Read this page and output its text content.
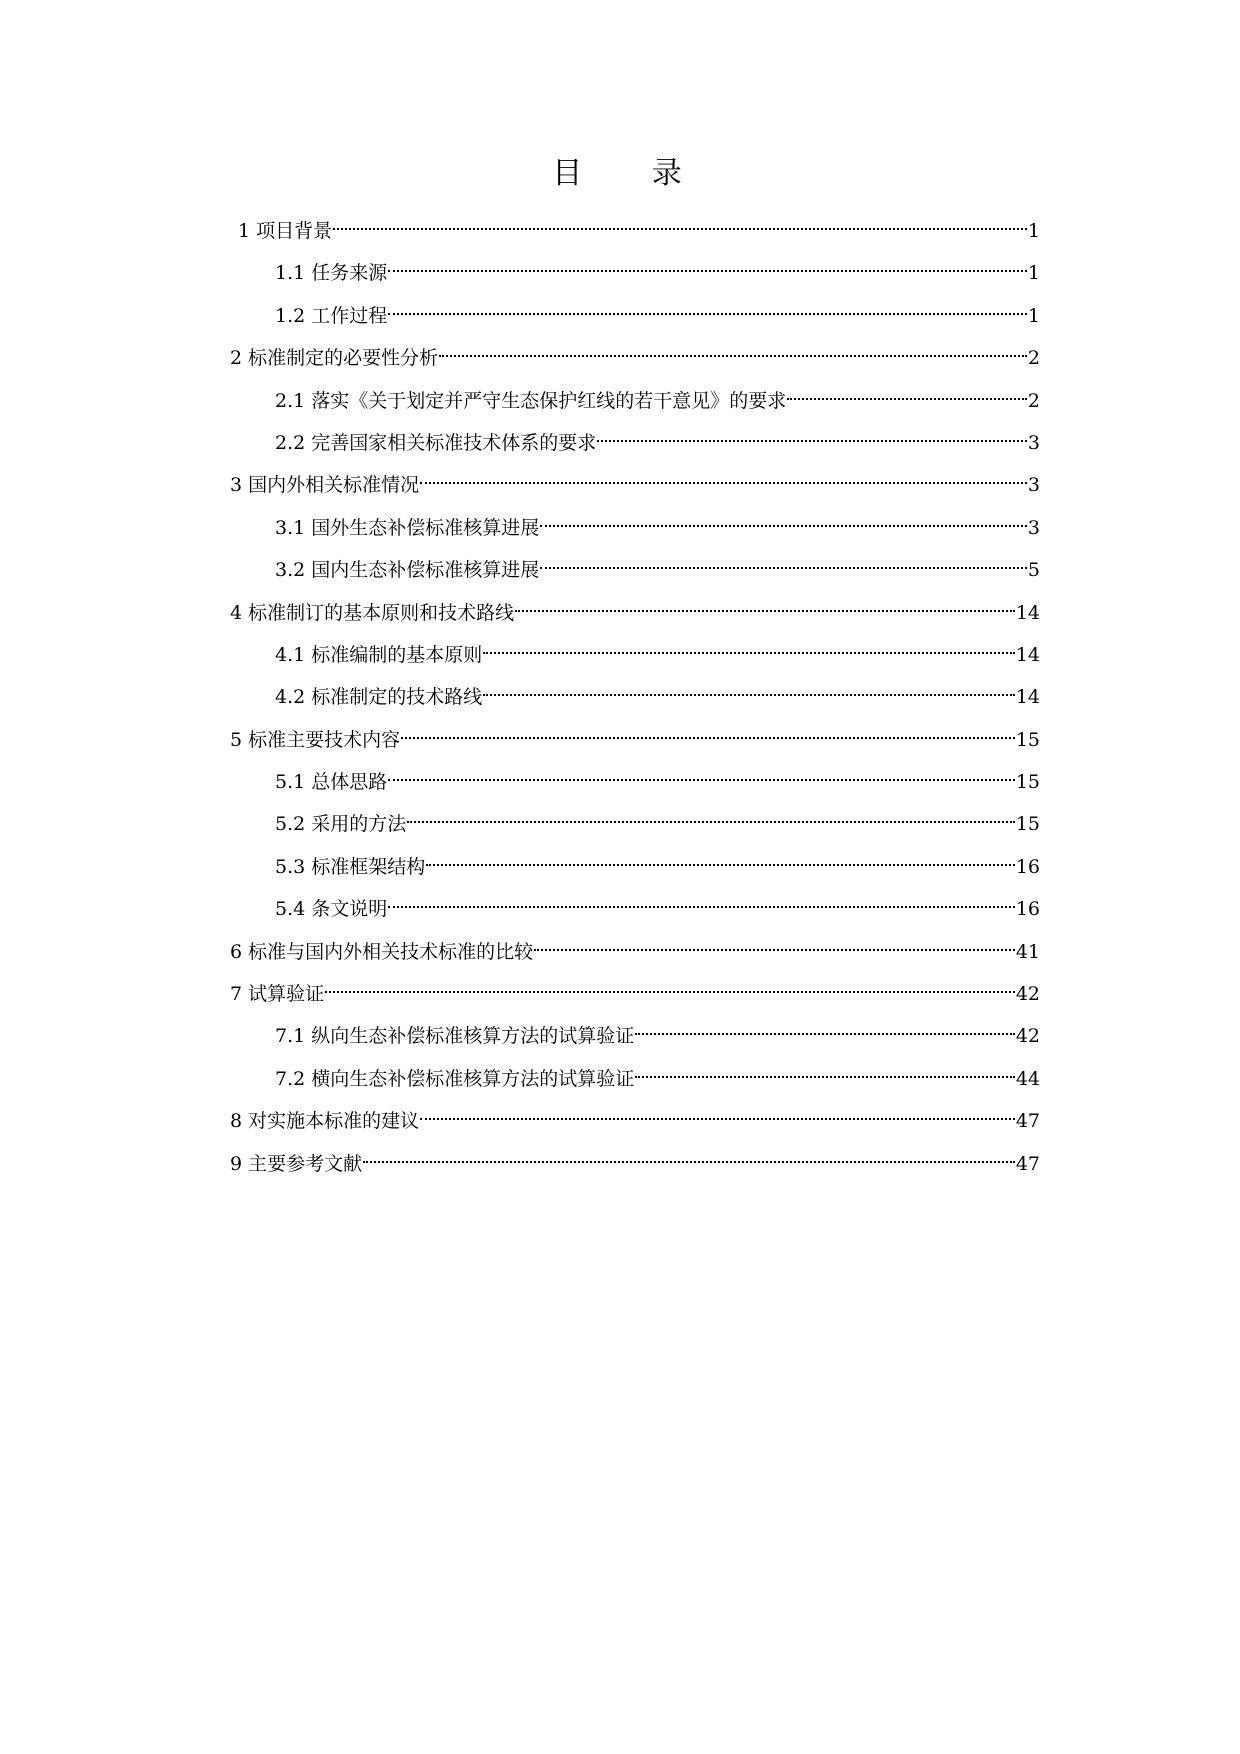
目 录
1 项目背景	1
1.1 任务来源	1
1.2 工作过程	1
2 标准制定的必要性分析	2
2.1 落实《关于划定并严守生态保护红线的若干意见》的要求	2
2.2 完善国家相关标准技术体系的要求	3
3 国内外相关标准情况	3
3.1 国外生态补偿标准核算进展	3
3.2 国内生态补偿标准核算进展	5
4 标准制订的基本原则和技术路线	14
4.1 标准编制的基本原则	14
4.2 标准制定的技术路线	14
5 标准主要技术内容	15
5.1 总体思路	15
5.2 采用的方法	15
5.3 标准框架结构	16
5.4 条文说明	16
6 标准与国内外相关技术标准的比较	41
7 试算验证	42
7.1 纵向生态补偿标准核算方法的试算验证	42
7.2 横向生态补偿标准核算方法的试算验证	44
8 对实施本标准的建议	47
9 主要参考文献	47
